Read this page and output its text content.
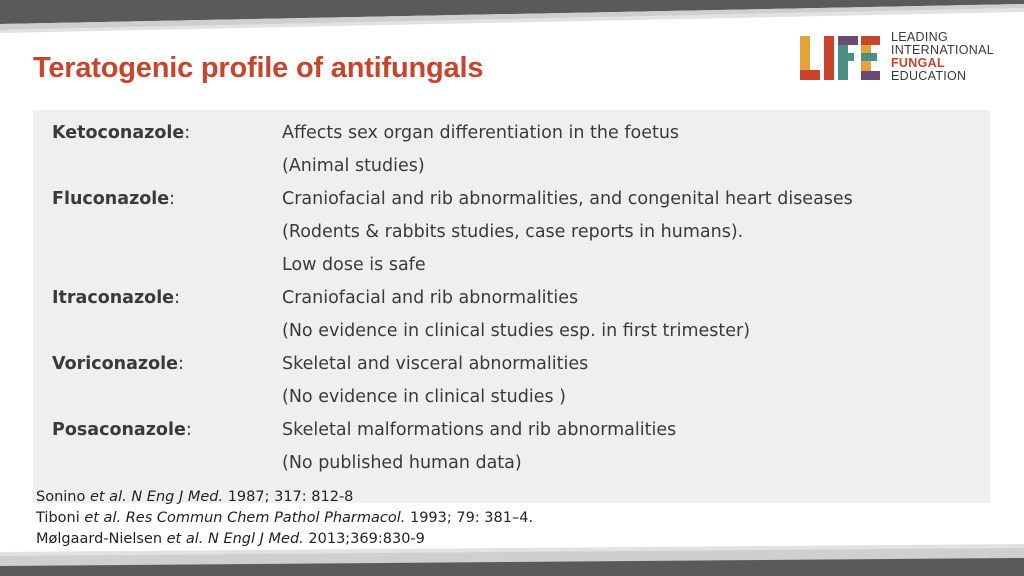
Teratogenic profile of antifungals
LEADING
INTERNATIONAL
FUNGAL
EDUCATION
Ketoconazole:	Affects sex organ differentiation in the foetus
(Animal studies)
Fluconazole:	Craniofacial and rib abnormalities, and congenital heart diseases
(Rodents & rabbits studies, case reports in humans).
Low dose is safe
Itraconazole:	Craniofacial and rib abnormalities
(No evidence in clinical studies esp. in first trimester)
Voriconazole:	Skeletal and visceral abnormalities
(No evidence in clinical studies )
Posaconazole:	Skeletal malformations and rib abnormalities
(No published human data)
Sonino et al. N Eng J Med. 1987; 317: 812-8
Tiboni et al. Res Commun Chem Pathol Pharmacol. 1993; 79: 381–4.
Mølgaard-Nielsen et al. N Engl J Med. 2013;369:830-9
